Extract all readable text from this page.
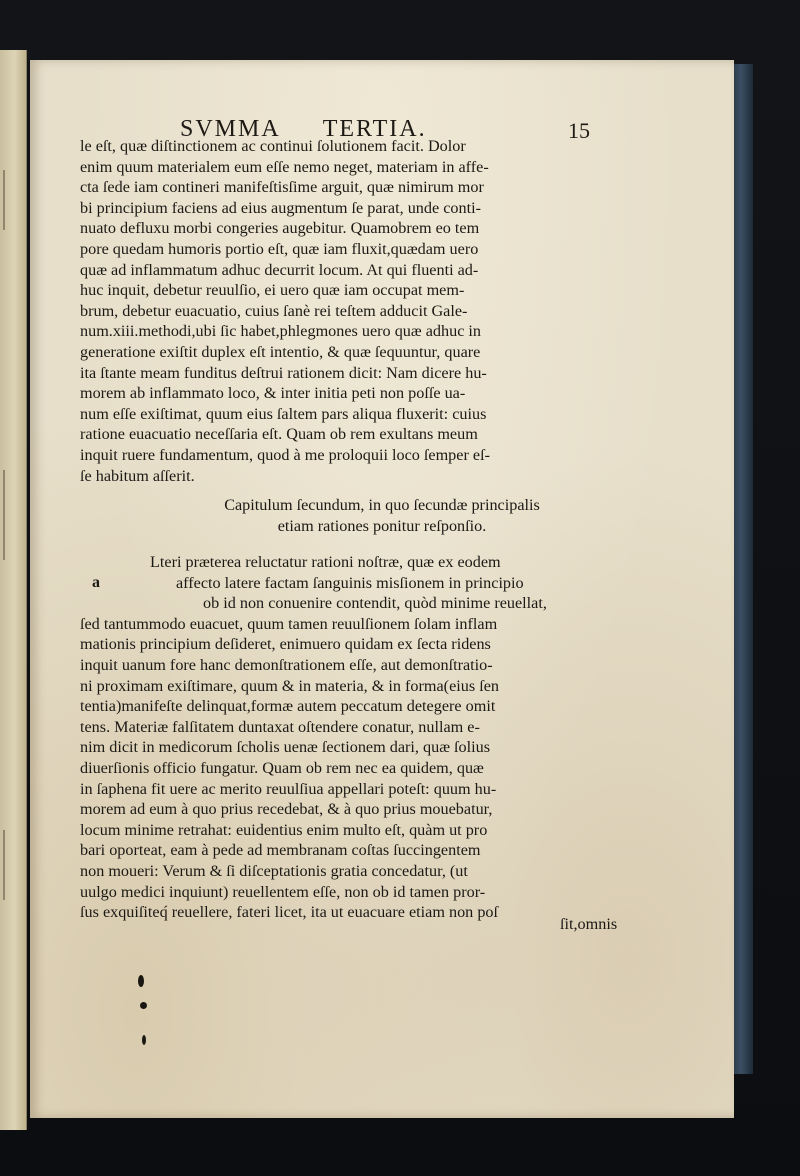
SVMMA TERTIA.	15
le eſt, quæ diſtinctionem ac continui ſolutionem facit. Dolor
enim quum materialem eum eſſe nemo neget, materiam in affe-
cta ſede iam contineri manifeſtisſime arguit, quæ nimirum mor
bi principium faciens ad eius augmentum ſe parat, unde conti-
nuato defluxu morbi congeries augebitur. Quamobrem eo tem
pore quedam humoris portio eſt, quæ iam fluxit,quædam uero
quæ ad inflammatum adhuc decurrit locum. At qui fluenti ad-
huc inquit, debetur reuulſio, ei uero quæ iam occupat mem-
brum, debetur euacuatio, cuius ſanè rei teſtem adducit Gale-
num.xiii.methodi,ubi ſic habet,phlegmones uero quæ adhuc in
generatione exiſtit duplex eſt intentio, & quæ ſequuntur, quare
ita ſtante meam funditus deſtrui rationem dicit: Nam dicere hu-
morem ab inflammato loco, & inter initia peti non poſſe ua-
num eſſe exiſtimat, quum eius ſaltem pars aliqua fluxerit: cuius
ratione euacuatio neceſſaria eſt. Quam ob rem exultans meum
inquit ruere fundamentum, quod à me proloquii loco ſemper eſ-
ſe habitum aſſerit.
Capitulum ſecundum, in quo ſecundæ principalis
etiam rationes ponitur reſponſio.
a
Lteri præterea reluctatur rationi noſtræ, quæ ex eodem
affecto latere factam ſanguinis misſionem in principio
ob id non conuenire contendit, quòd minime reuellat,
ſed tantummodo euacuet, quum tamen reuulſionem ſolam inflam
mationis principium deſideret, enimuero quidam ex ſecta ridens
inquit uanum fore hanc demonſtrationem eſſe, aut demonſtratio-
ni proximam exiſtimare, quum & in materia, & in forma(eius ſen
tentia)manifeſte delinquat,formæ autem peccatum detegere omit
tens. Materiæ falſitatem duntaxat oſtendere conatur, nullam e-
nim dicit in medicorum ſcholis uenæ ſectionem dari, quæ ſolius
diuerſionis officio fungatur. Quam ob rem nec ea quidem, quæ
in ſaphena fit uere ac merito reuulſiua appellari poteſt: quum hu-
morem ad eum à quo prius recedebat, & à quo prius mouebatur,
locum minime retrahat: euidentius enim multo eſt, quàm ut pro
bari oporteat, eam à pede ad membranam coſtas ſuccingentem
non moueri: Verum & ſi diſceptationis gratia concedatur, (ut
uulgo medici inquiunt) reuellentem eſſe, non ob id tamen pror-
ſus exquiſiteq́ reuellere, fateri licet, ita ut euacuare etiam non poſ
ſit,omnis
